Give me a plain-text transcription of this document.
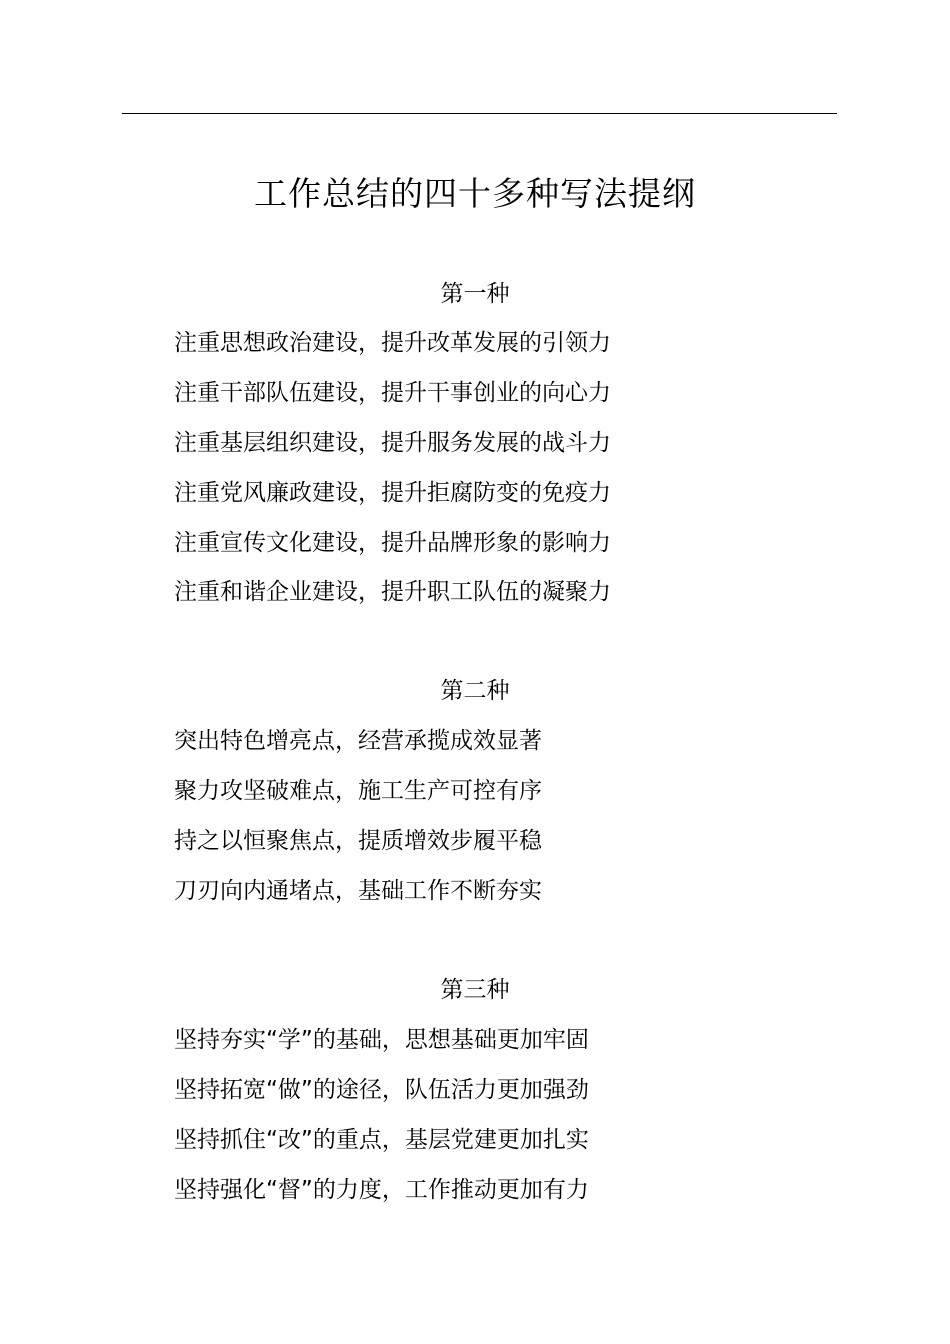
工作总结的四十多种写法提纲
第一种
注重思想政治建设，提升改革发展的引领力
注重干部队伍建设，提升干事创业的向心力
注重基层组织建设，提升服务发展的战斗力
注重党风廉政建设，提升拒腐防变的免疫力
注重宣传文化建设，提升品牌形象的影响力
注重和谐企业建设，提升职工队伍的凝聚力
第二种
突出特色增亮点，经营承揽成效显著
聚力攻坚破难点，施工生产可控有序
持之以恒聚焦点，提质增效步履平稳
刀刃向内通堵点，基础工作不断夯实
第三种
坚持夯实“学”的基础，思想基础更加牢固
坚持拓宽“做”的途径，队伍活力更加强劲
坚持抓住“改”的重点，基层党建更加扎实
坚持强化“督”的力度，工作推动更加有力
